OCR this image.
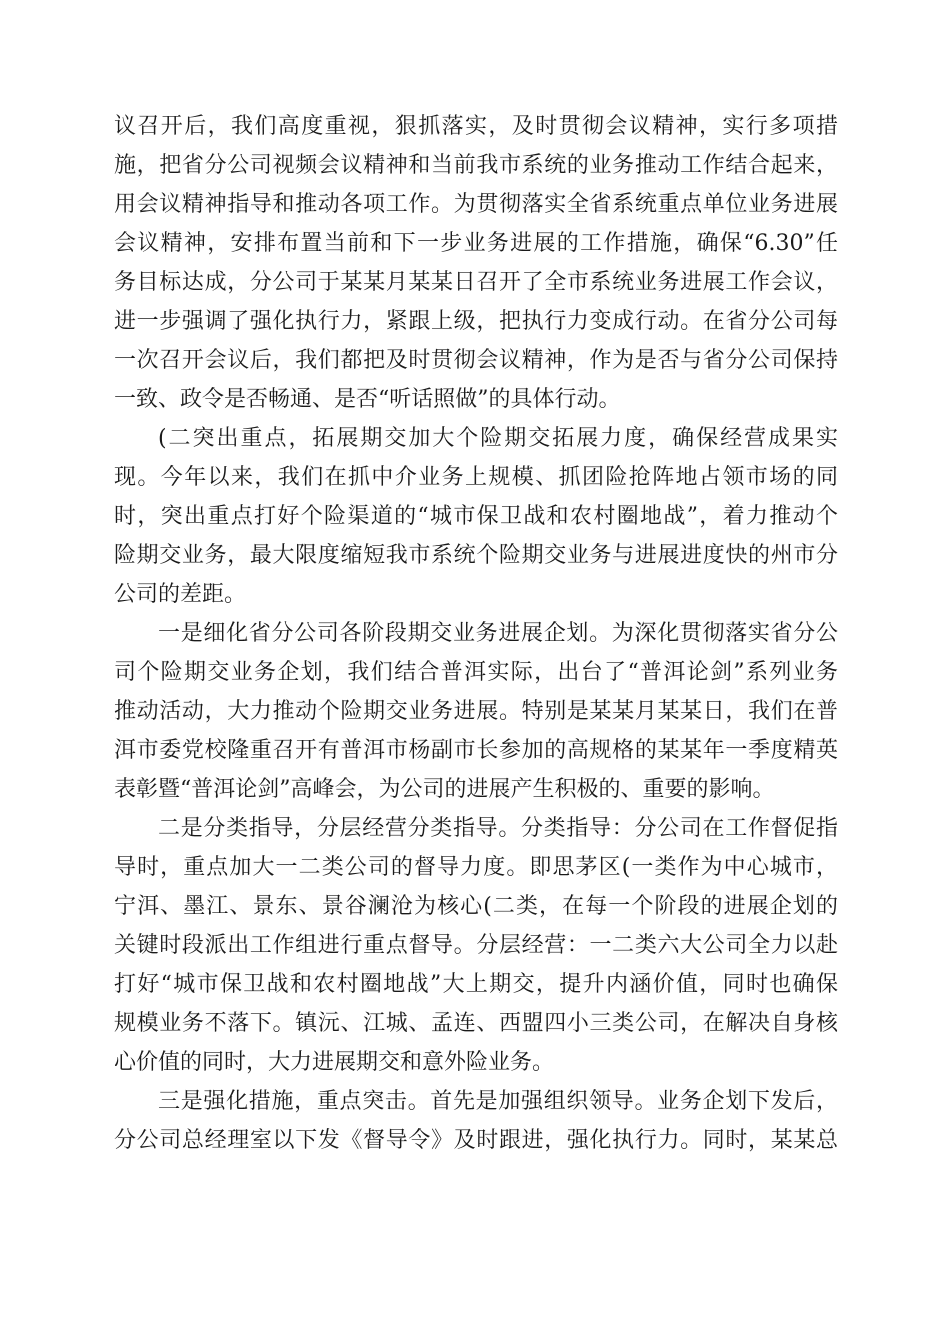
议召开后，我们高度重视，狠抓落实，及时贯彻会议精神，实行多项措
施，把省分公司视频会议精神和当前我市系统的业务推动工作结合起来，
用会议精神指导和推动各项工作。为贯彻落实全省系统重点单位业务进展
会议精神，安排布置当前和下一步业务进展的工作措施，确保“6.30”任
务目标达成，分公司于某某月某某日召开了全市系统业务进展工作会议，
进一步强调了强化执行力，紧跟上级，把执行力变成行动。在省分公司每
一次召开会议后，我们都把及时贯彻会议精神，作为是否与省分公司保持
一致、政令是否畅通、是否“听话照做”的具体行动。

(二突出重点，拓展期交加大个险期交拓展力度，确保经营成果实
现。今年以来，我们在抓中介业务上规模、抓团险抢阵地占领市场的同
时，突出重点打好个险渠道的“城市保卫战和农村圈地战”，着力推动个
险期交业务，最大限度缩短我市系统个险期交业务与进展进度快的州市分
公司的差距。

一是细化省分公司各阶段期交业务进展企划。为深化贯彻落实省分公
司个险期交业务企划，我们结合普洱实际，出台了“普洱论剑”系列业务
推动活动，大力推动个险期交业务进展。特别是某某月某某日，我们在普
洱市委党校隆重召开有普洱市杨副市长参加的高规格的某某年一季度精英
表彰暨“普洱论剑”高峰会，为公司的进展产生积极的、重要的影响。

二是分类指导，分层经营分类指导。分类指导：分公司在工作督促指
导时，重点加大一二类公司的督导力度。即思茅区(一类作为中心城市，
宁洱、墨江、景东、景谷澜沧为核心(二类，在每一个阶段的进展企划的
关键时段派出工作组进行重点督导。分层经营：一二类六大公司全力以赴
打好“城市保卫战和农村圈地战”大上期交，提升内涵价值，同时也确保
规模业务不落下。镇沅、江城、孟连、西盟四小三类公司，在解决自身核
心价值的同时，大力进展期交和意外险业务。

三是强化措施，重点突击。首先是加强组织领导。业务企划下发后，
分公司总经理室以下发《督导令》及时跟进，强化执行力。同时，某某总
